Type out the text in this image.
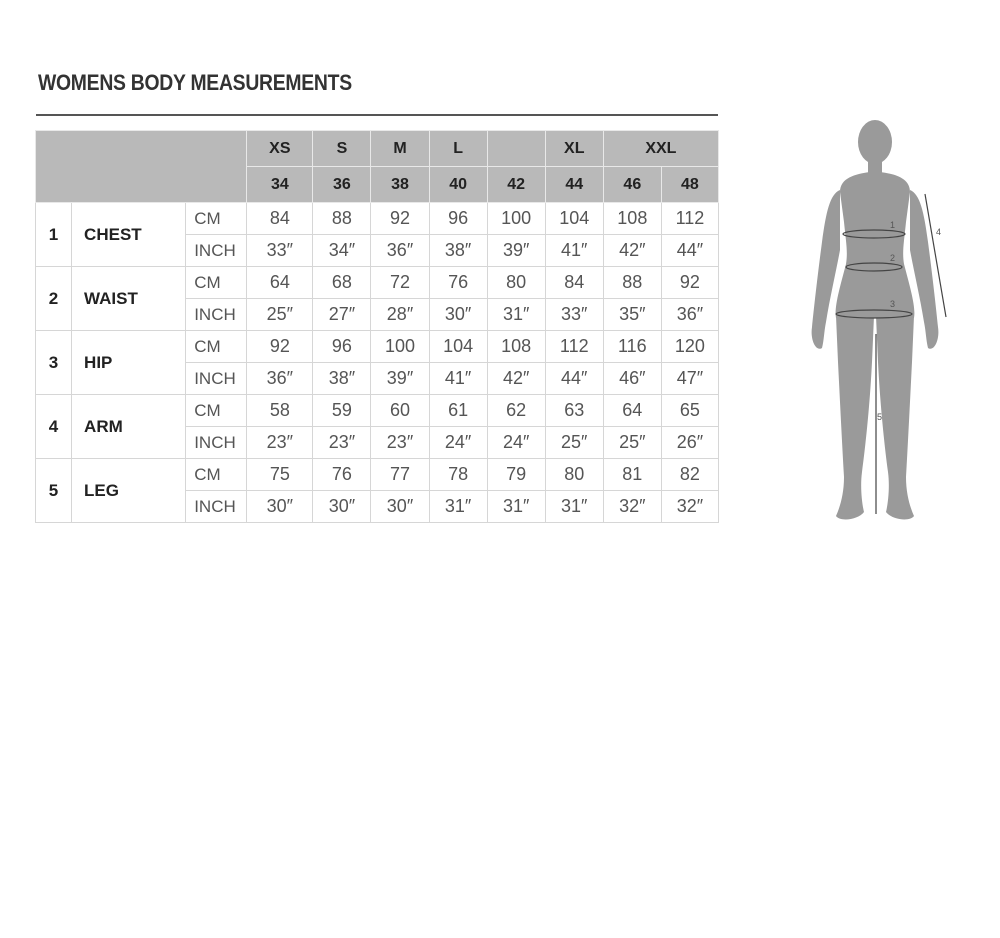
WOMENS BODY MEASUREMENTS
			XS	S	M	L		XL	XXL	
			34	36	38	40	42	44	46	48
1	CHEST	CM	84	88	92	96	100	104	108	112
		INCH	33″	34″	36″	38″	39″	41″	42″	44″
2	WAIST	CM	64	68	72	76	80	84	88	92
		INCH	25″	27″	28″	30″	31″	33″	35″	36″
3	HIP	CM	92	96	100	104	108	112	116	120
		INCH	36″	38″	39″	41″	42″	44″	46″	47″
4	ARM	CM	58	59	60	61	62	63	64	65
		INCH	23″	23″	23″	24″	24″	25″	25″	26″
5	LEG	CM	75	76	77	78	79	80	81	82
		INCH	30″	30″	30″	31″	31″	31″	32″	32″
1
2
3
4
5
